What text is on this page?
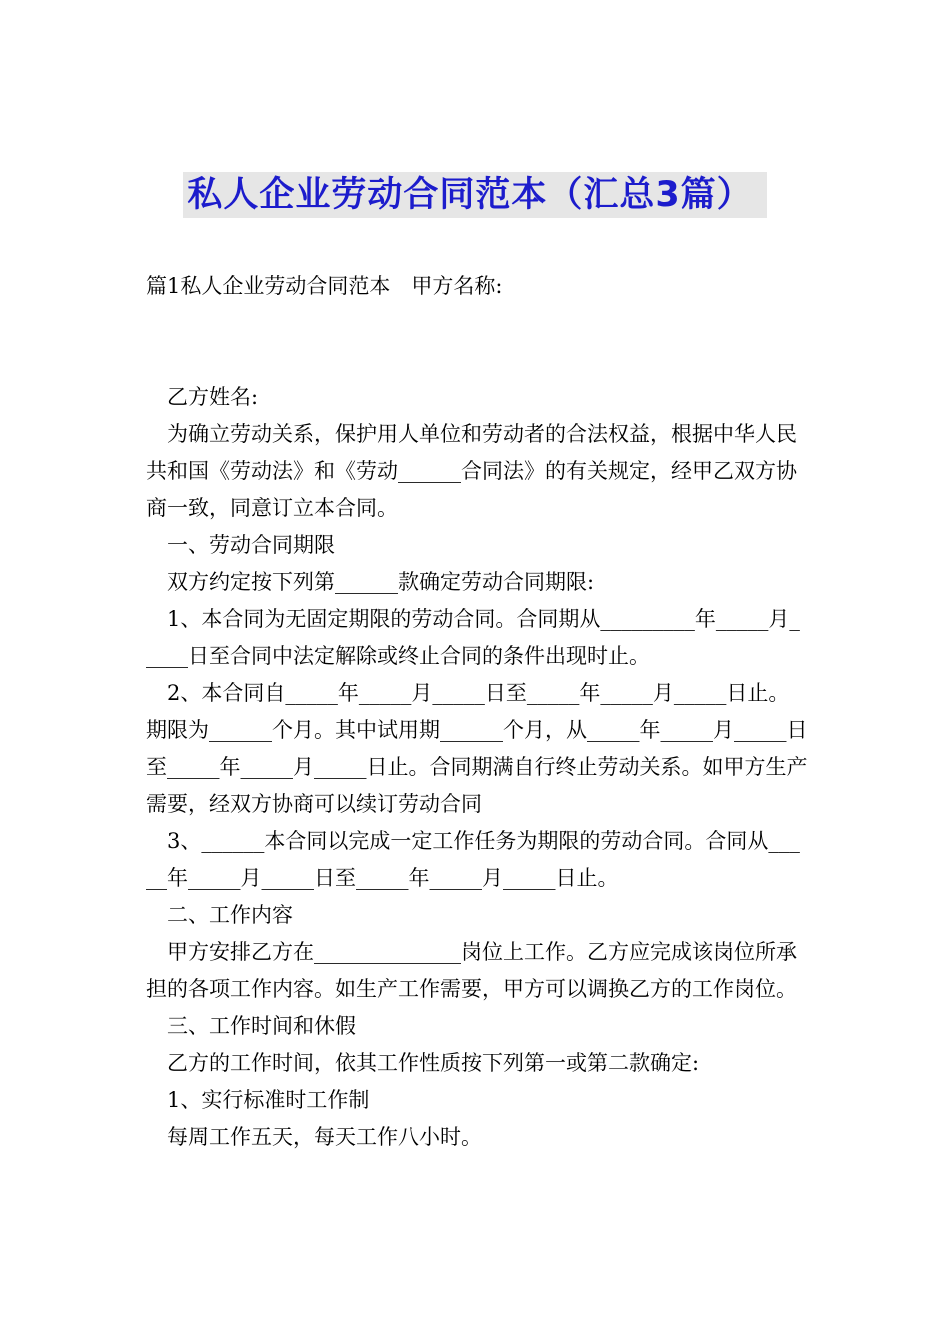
私人企业劳动合同范本（汇总3篇）

篇1私人企业劳动合同范本　甲方名称:

乙方姓名:

为确立劳动关系，保护用人单位和劳动者的合法权益，根据中华人民共和国《劳动法》和《劳动______合同法》的有关规定，经甲乙双方协商一致，同意订立本合同。

一、劳动合同期限

双方约定按下列第______款确定劳动合同期限:

1、本合同为无固定期限的劳动合同。合同期从_________年_____月_____日至合同中法定解除或终止合同的条件出现时止。

2、本合同自_____年_____月_____日至_____年_____月_____日止。期限为______个月。其中试用期______个月，从_____年_____月_____日至_____年_____月_____日止。合同期满自行终止劳动关系。如甲方生产需要，经双方协商可以续订劳动合同

3、______本合同以完成一定工作任务为期限的劳动合同。合同从_____年_____月_____日至_____年_____月_____日止。

二、工作内容

甲方安排乙方在______________岗位上工作。乙方应完成该岗位所承担的各项工作内容。如生产工作需要，甲方可以调换乙方的工作岗位。

三、工作时间和休假

乙方的工作时间，依其工作性质按下列第一或第二款确定:

1、实行标准时工作制

每周工作五天，每天工作八小时。
